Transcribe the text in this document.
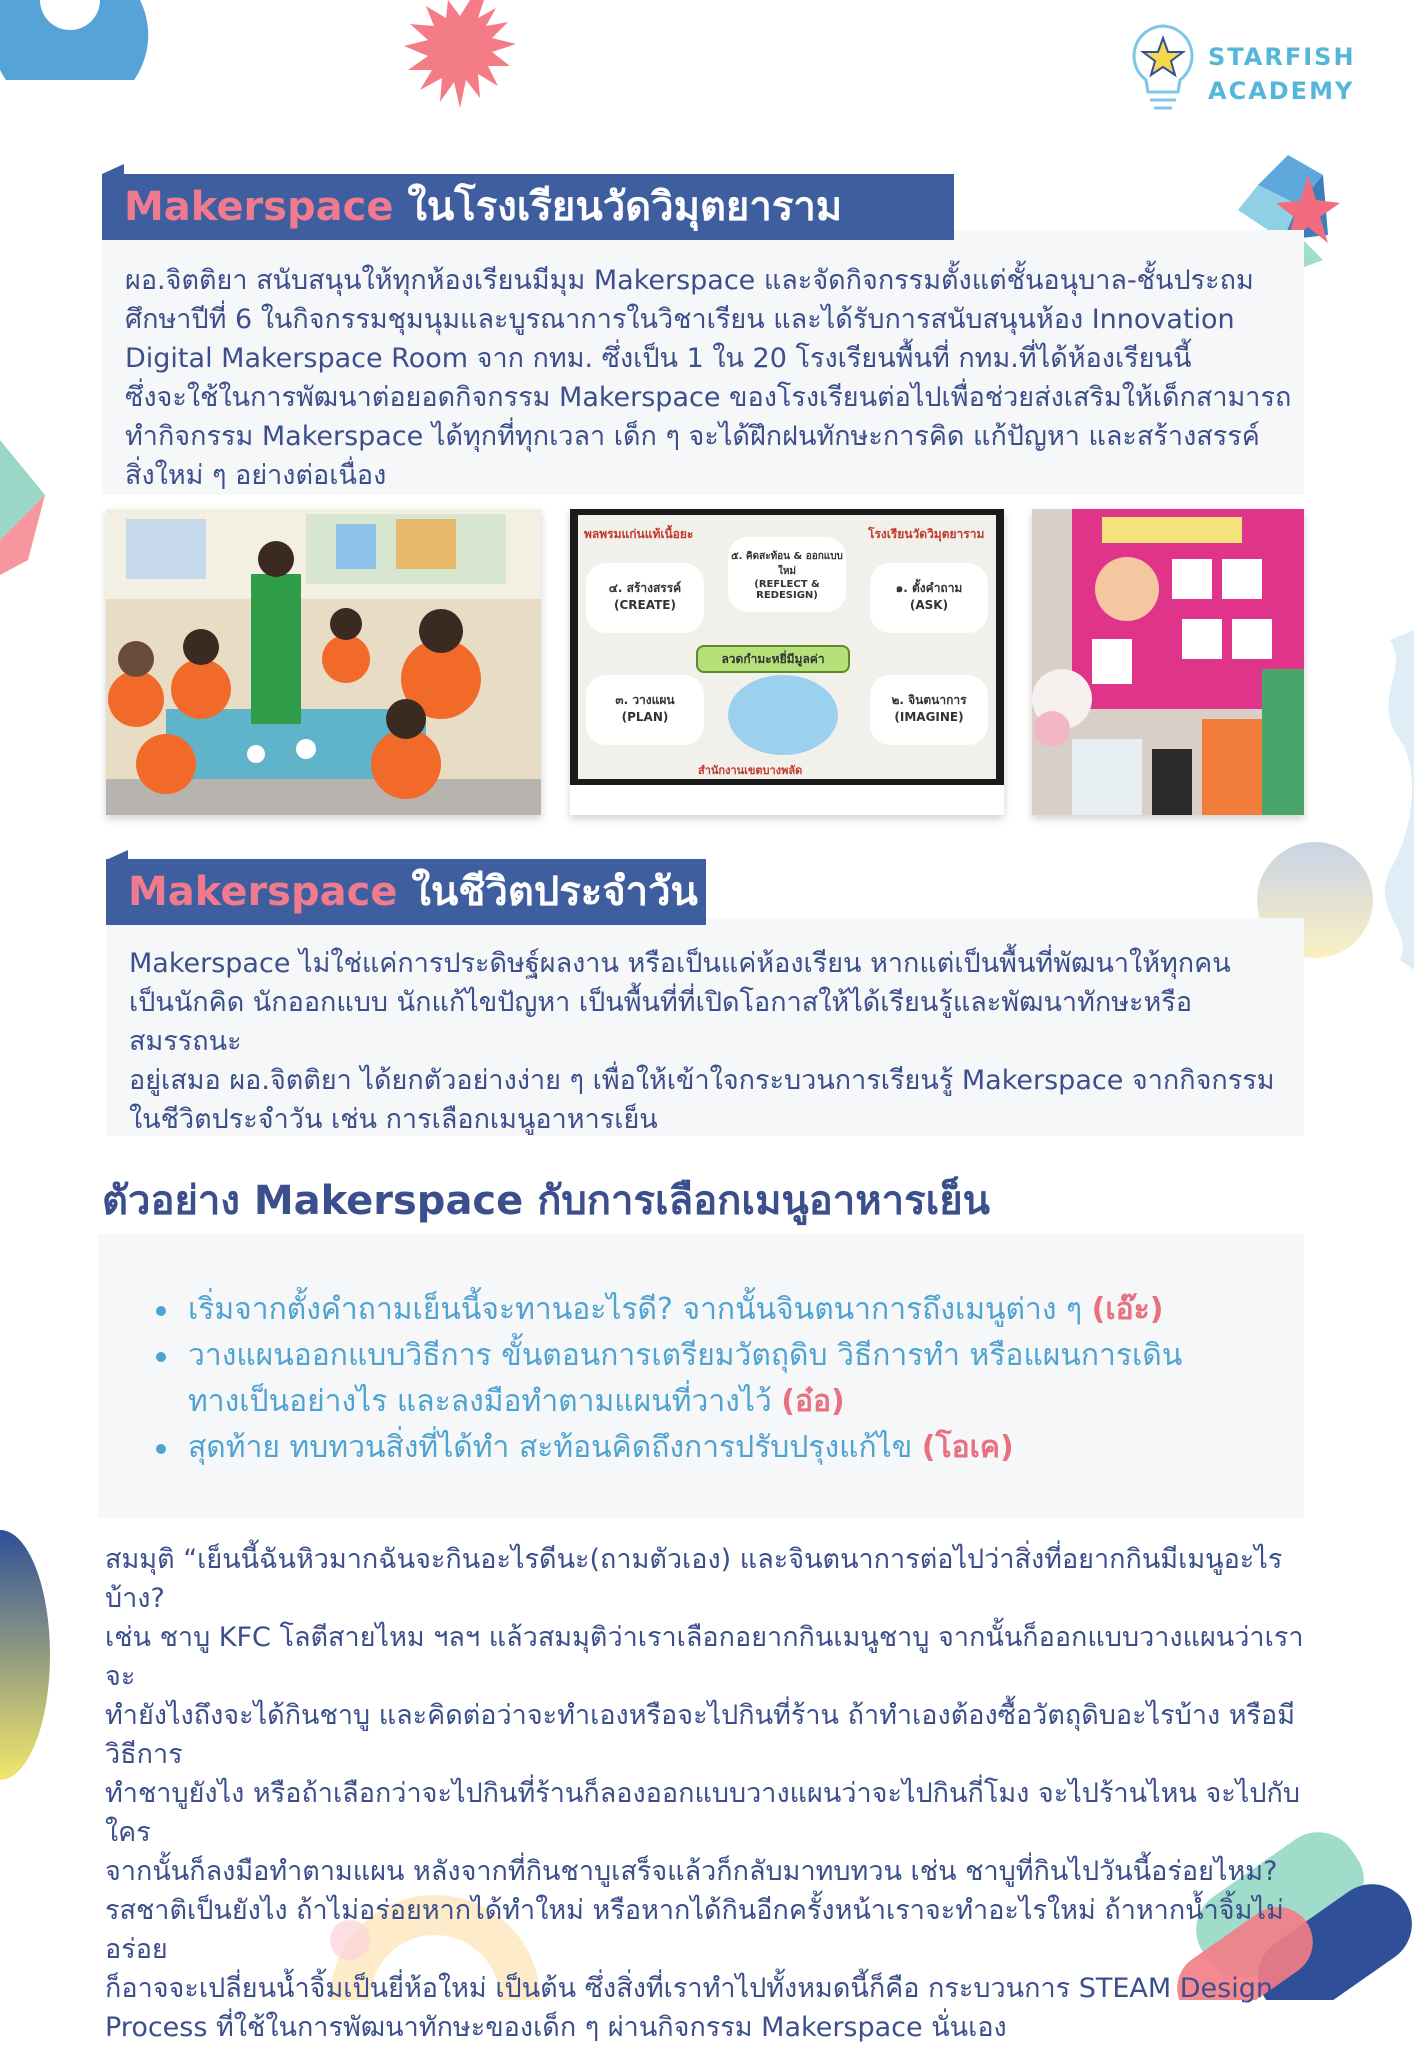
STARFISH
ACADEMY
Makerspace ในโรงเรียนวัดวิมุตยาราม
ผอ.จิตติยา สนับสนุนให้ทุกห้องเรียนมีมุม Makerspace และจัดกิจกรรมตั้งแต่ชั้นอนุบาล-ชั้นประถม
ศึกษาปีที่ 6 ในกิจกรรมชุมนุมและบูรณาการในวิชาเรียน และได้รับการสนับสนุนห้อง Innovation
Digital Makerspace Room จาก กทม. ซึ่งเป็น 1 ใน 20 โรงเรียนพื้นที่ กทม.ที่ได้ห้องเรียนนี้
ซึ่งจะใช้ในการพัฒนาต่อยอดกิจกรรม Makerspace ของโรงเรียนต่อไปเพื่อช่วยส่งเสริมให้เด็กสามารถ
ทำกิจกรรม Makerspace ได้ทุกที่ทุกเวลา เด็ก ๆ จะได้ฝึกฝนทักษะการคิด แก้ปัญหา และสร้างสรรค์
สิ่งใหม่ ๆ อย่างต่อเนื่อง
พลพรมแก่นแท้เนื้อยะ	โรงเรียนวัดวิมุตยาราม
๔. สร้างสรรค์
(CREATE)
๕. คิดสะท้อน & ออกแบบใหม่
(REFLECT & REDESIGN)
๑. ตั้งคำถาม
(ASK)
ลวดกำมะหยี่มีมูลค่า
๓. วางแผน
(PLAN)
๒. จินตนาการ
(IMAGINE)
สำนักงานเขตบางพลัด
Makerspace ในชีวิตประจำวัน
Makerspace ไม่ใช่แค่การประดิษฐ์ผลงาน หรือเป็นแค่ห้องเรียน หากแต่เป็นพื้นที่พัฒนาให้ทุกคน
เป็นนักคิด นักออกแบบ นักแก้ไขปัญหา เป็นพื้นที่ที่เปิดโอกาสให้ได้เรียนรู้และพัฒนาทักษะหรือสมรรถนะ
อยู่เสมอ ผอ.จิตติยา ได้ยกตัวอย่างง่าย ๆ เพื่อให้เข้าใจกระบวนการเรียนรู้ Makerspace จากกิจกรรม
ในชีวิตประจำวัน เช่น การเลือกเมนูอาหารเย็น
ตัวอย่าง Makerspace กับการเลือกเมนูอาหารเย็น
เริ่มจากตั้งคำถามเย็นนี้จะทานอะไรดี? จากนั้นจินตนาการถึงเมนูต่าง ๆ (เอ๊ะ)
วางแผนออกแบบวิธีการ ขั้นตอนการเตรียมวัตถุดิบ วิธีการทำ หรือแผนการเดิน
ทางเป็นอย่างไร และลงมือทำตามแผนที่วางไว้ (อ๋อ)
สุดท้าย ทบทวนสิ่งที่ได้ทำ สะท้อนคิดถึงการปรับปรุงแก้ไข (โอเค)
สมมุติ “เย็นนี้ฉันหิวมากฉันจะกินอะไรดีนะ(ถามตัวเอง) และจินตนาการต่อไปว่าสิ่งที่อยากกินมีเมนูอะไรบ้าง?
เช่น ชาบู KFC โลตีสายไหม ฯลฯ แล้วสมมุติว่าเราเลือกอยากกินเมนูชาบู จากนั้นก็ออกแบบวางแผนว่าเราจะ
ทำยังไงถึงจะได้กินชาบู และคิดต่อว่าจะทำเองหรือจะไปกินที่ร้าน ถ้าทำเองต้องซื้อวัตถุดิบอะไรบ้าง หรือมีวิธีการ
ทำชาบูยังไง หรือถ้าเลือกว่าจะไปกินที่ร้านก็ลองออกแบบวางแผนว่าจะไปกินกี่โมง จะไปร้านไหน จะไปกับใคร
จากนั้นก็ลงมือทำตามแผน หลังจากที่กินชาบูเสร็จแล้วก็กลับมาทบทวน เช่น ชาบูที่กินไปวันนี้อร่อยไหม?
รสชาติเป็นยังไง ถ้าไม่อร่อยหากได้ทำใหม่ หรือหากได้กินอีกครั้งหน้าเราจะทำอะไรใหม่ ถ้าหากน้ำจิ้มไม่อร่อย
ก็อาจจะเปลี่ยนน้ำจิ้มเป็นยี่ห้อใหม่ เป็นต้น ซึ่งสิ่งที่เราทำไปทั้งหมดนี้ก็คือ กระบวนการ STEAM Design
Process ที่ใช้ในการพัฒนาทักษะของเด็ก ๆ ผ่านกิจกรรม Makerspace นั่นเอง
